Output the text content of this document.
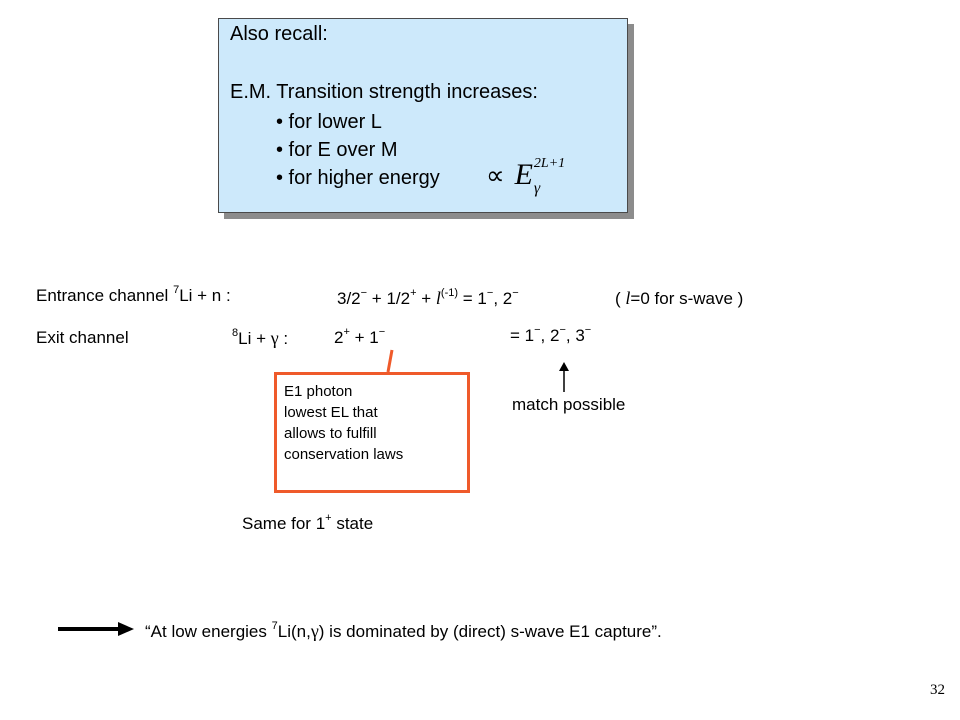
Also recall:
E.M. Transition strength increases:
• for lower L
• for E over M
• for higher energy ∝ E 2L+1
γ
Entrance channel $^7$Li + n :	$3/2^- + 1/2^+ + l^{(-1)} = 1^-$, 2−	( l=0 for s-wave )
Exit channel	$^8$Li + γ :	2+ + 1−	= 1−, 2−, 3−
E1 photon
lowest EL that
allows to fulfill
conservation laws
match possible
Same for 1+ state
“At low energies $^7$Li(n,γ) is dominated by (direct) s-wave E1 capture”.
32
